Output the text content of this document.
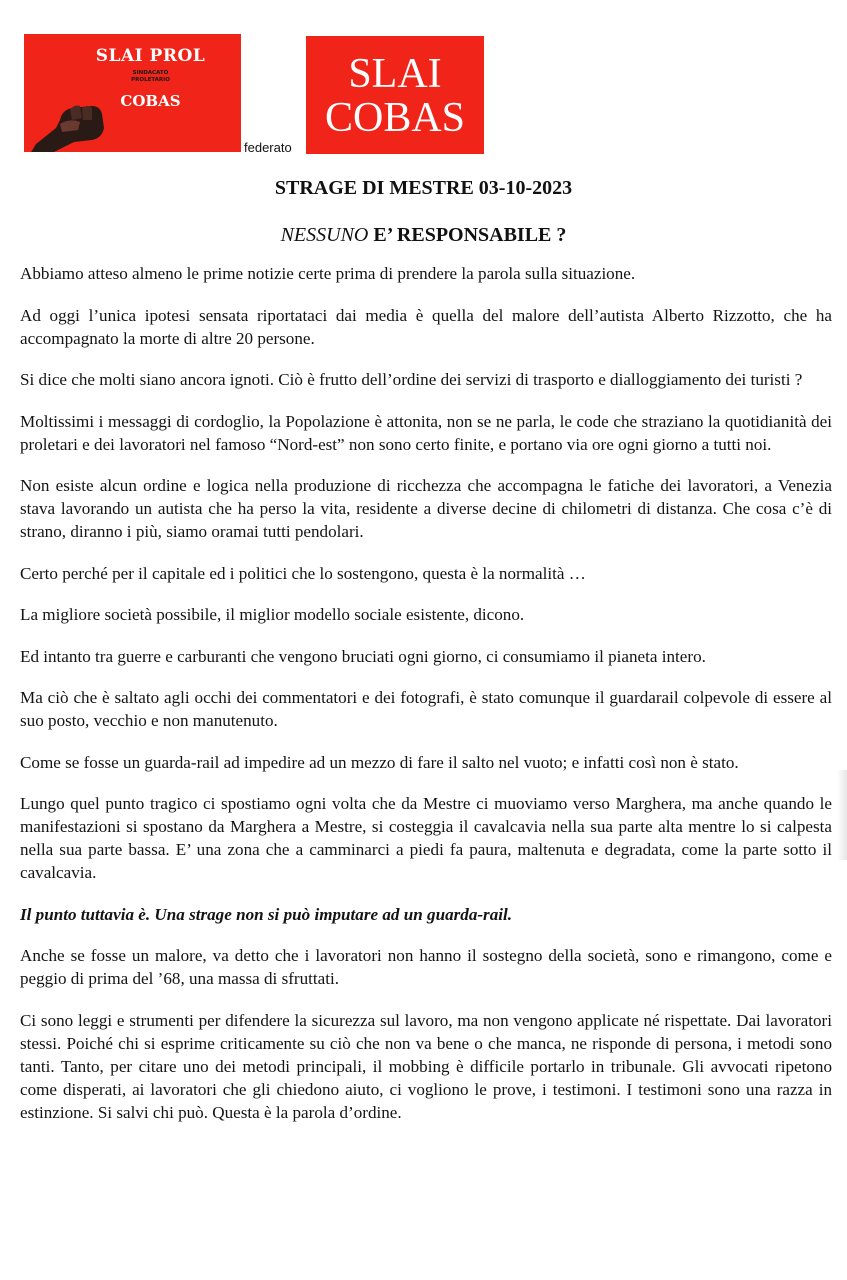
SLAI PROL
SINDACATO
PROLETARIO
COBAS
federato
SLAI
COBAS
STRAGE DI MESTRE 03-10-2023
NESSUNO E’ RESPONSABILE ?

Abbiamo atteso almeno le prime notizie certe prima di prendere la parola sulla situazione.

Ad oggi l’unica ipotesi sensata riportataci dai media è quella del malore dell’autista Alberto Rizzotto, che ha accompagnato la morte di altre 20 persone.

Si dice che molti siano ancora ignoti. Ciò è frutto dell’ordine dei servizi di trasporto e dialloggiamento dei turisti ?

Moltissimi i messaggi di cordoglio, la Popolazione è attonita, non se ne parla, le code che straziano la quotidianità dei proletari e dei lavoratori nel famoso “Nord-est” non sono certo finite, e portano via ore ogni giorno a tutti noi.

Non esiste alcun ordine e logica nella produzione di ricchezza che accompagna le fatiche dei lavoratori, a Venezia stava lavorando un autista che ha perso la vita, residente a diverse decine di chilometri di distanza. Che cosa c’è di strano, diranno i più, siamo oramai tutti pendolari.

Certo perché per il capitale ed i politici che lo sostengono, questa è la normalità …

La migliore società possibile, il miglior modello sociale esistente, dicono.

Ed intanto tra guerre e carburanti che vengono bruciati ogni giorno, ci consumiamo il pianeta intero.

Ma ciò che è saltato agli occhi dei commentatori e dei fotografi, è stato comunque il guardarail colpevole di essere al suo posto, vecchio e non manutenuto.

Come se fosse un guarda-rail ad impedire ad un mezzo di fare il salto nel vuoto; e infatti così non è stato.

Lungo quel punto tragico ci spostiamo ogni volta che da Mestre ci muoviamo verso Marghera, ma anche quando le manifestazioni si spostano da Marghera a Mestre, si costeggia il cavalcavia nella sua parte alta mentre lo si calpesta nella sua parte bassa. E’ una zona che a camminarci a piedi fa paura, maltenuta e degradata, come la parte sotto il cavalcavia.

Il punto tuttavia è. Una strage non si può imputare ad un guarda-rail.

Anche se fosse un malore, va detto che i lavoratori non hanno il sostegno della società, sono e rimangono, come e peggio di prima del ’68, una massa di sfruttati.

Ci sono leggi e strumenti per difendere la sicurezza sul lavoro, ma non vengono applicate né rispettate. Dai lavoratori stessi. Poiché chi si esprime criticamente su ciò che non va bene o che manca, ne risponde di persona, i metodi sono tanti. Tanto, per citare uno dei metodi principali, il mobbing è difficile portarlo in tribunale. Gli avvocati ripetono come disperati, ai lavoratori che gli chiedono aiuto, ci vogliono le prove, i testimoni. I testimoni sono una razza in estinzione. Si salvi chi può. Questa è la parola d’ordine.
